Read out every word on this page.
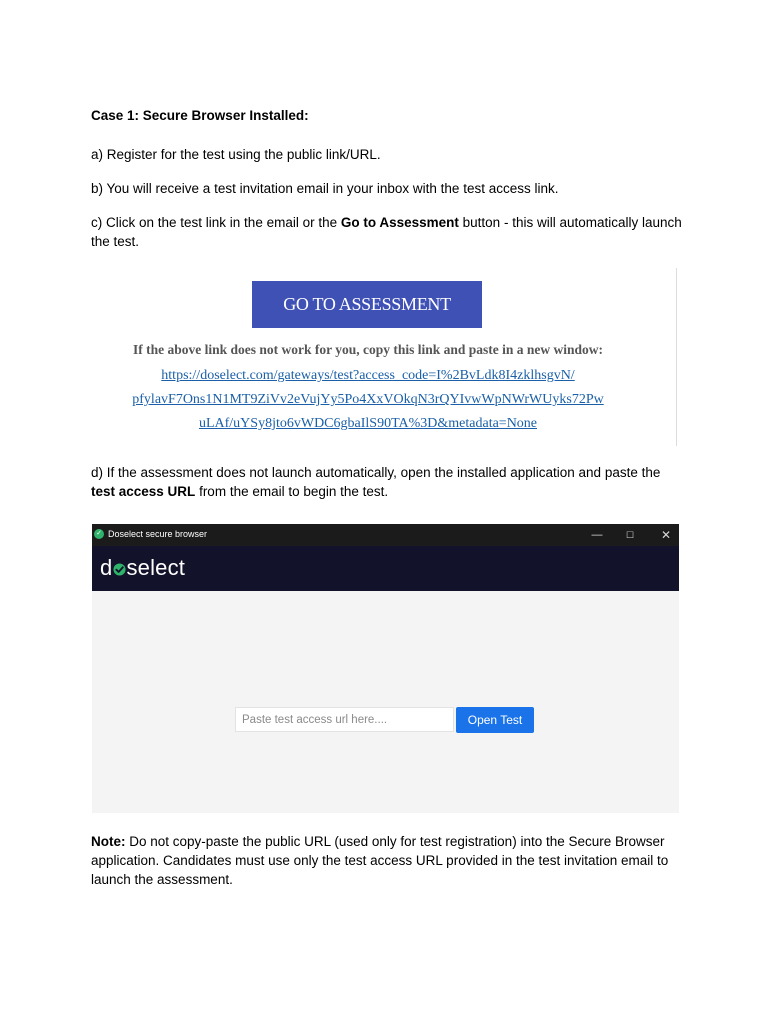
Case 1: Secure Browser Installed:
a) Register for the test using the public link/URL.
b) You will receive a test invitation email in your inbox with the test access link.
c) Click on the test link in the email or the Go to Assessment button - this will automatically launch the test.
GO TO ASSESSMENT
If the above link does not work for you, copy this link and paste in a new window:
https://doselect.com/gateways/test?access_code=I%2BvLdk8I4zklhsgvN/
pfylavF7Ons1N1MT9ZiVv2eVujYy5Po4XxVOkqN3rQYIvwWpNWrWUyks72Pw
uLAf/uYSy8jto6vWDC6gbaIlS90TA%3D&metadata=None
d) If the assessment does not launch automatically, open the installed application and paste the test access URL from the email to begin the test.
✓ Doselect secure browser	—	☐	✕
d select
Paste test access url here....
Open Test
Note: Do not copy-paste the public URL (used only for test registration) into the Secure Browser application. Candidates must use only the test access URL provided in the test invitation email to launch the assessment.
